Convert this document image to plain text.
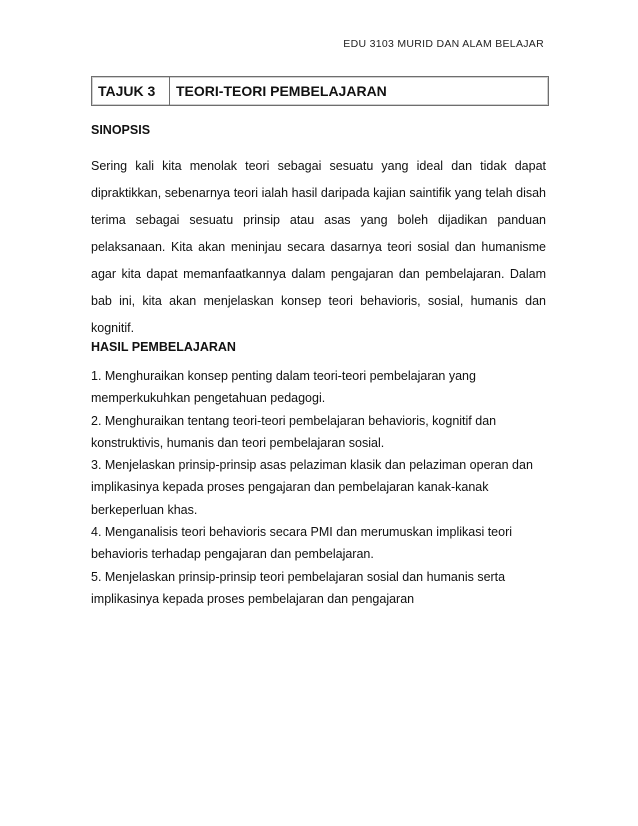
EDU 3103 MURID DAN ALAM BELAJAR
TAJUK 3	TEORI-TEORI PEMBELAJARAN
SINOPSIS

Sering kali kita menolak teori sebagai sesuatu yang ideal dan tidak dapat dipraktikkan, sebenarnya teori ialah hasil daripada kajian saintifik yang telah disah terima sebagai sesuatu prinsip atau asas yang boleh dijadikan panduan pelaksanaan. Kita akan meninjau secara dasarnya teori sosial dan humanisme agar kita dapat memanfaatkannya dalam pengajaran dan pembelajaran. Dalam bab ini, kita akan menjelaskan konsep teori behavioris, sosial, humanis dan kognitif.

HASIL PEMBELAJARAN
1. Menghuraikan konsep penting dalam teori-teori pembelajaran yang memperkukuhkan pengetahuan pedagogi.
2. Menghuraikan tentang teori-teori pembelajaran behavioris, kognitif dan konstruktivis, humanis dan teori pembelajaran sosial.
3. Menjelaskan prinsip-prinsip asas pelaziman klasik dan pelaziman operan dan implikasinya kepada proses pengajaran dan pembelajaran kanak-kanak berkeperluan khas.
4. Menganalisis teori behavioris secara PMI dan merumuskan implikasi teori behavioris terhadap pengajaran dan pembelajaran.
5. Menjelaskan prinsip-prinsip teori pembelajaran sosial dan humanis serta implikasinya kepada proses pembelajaran dan pengajaran
